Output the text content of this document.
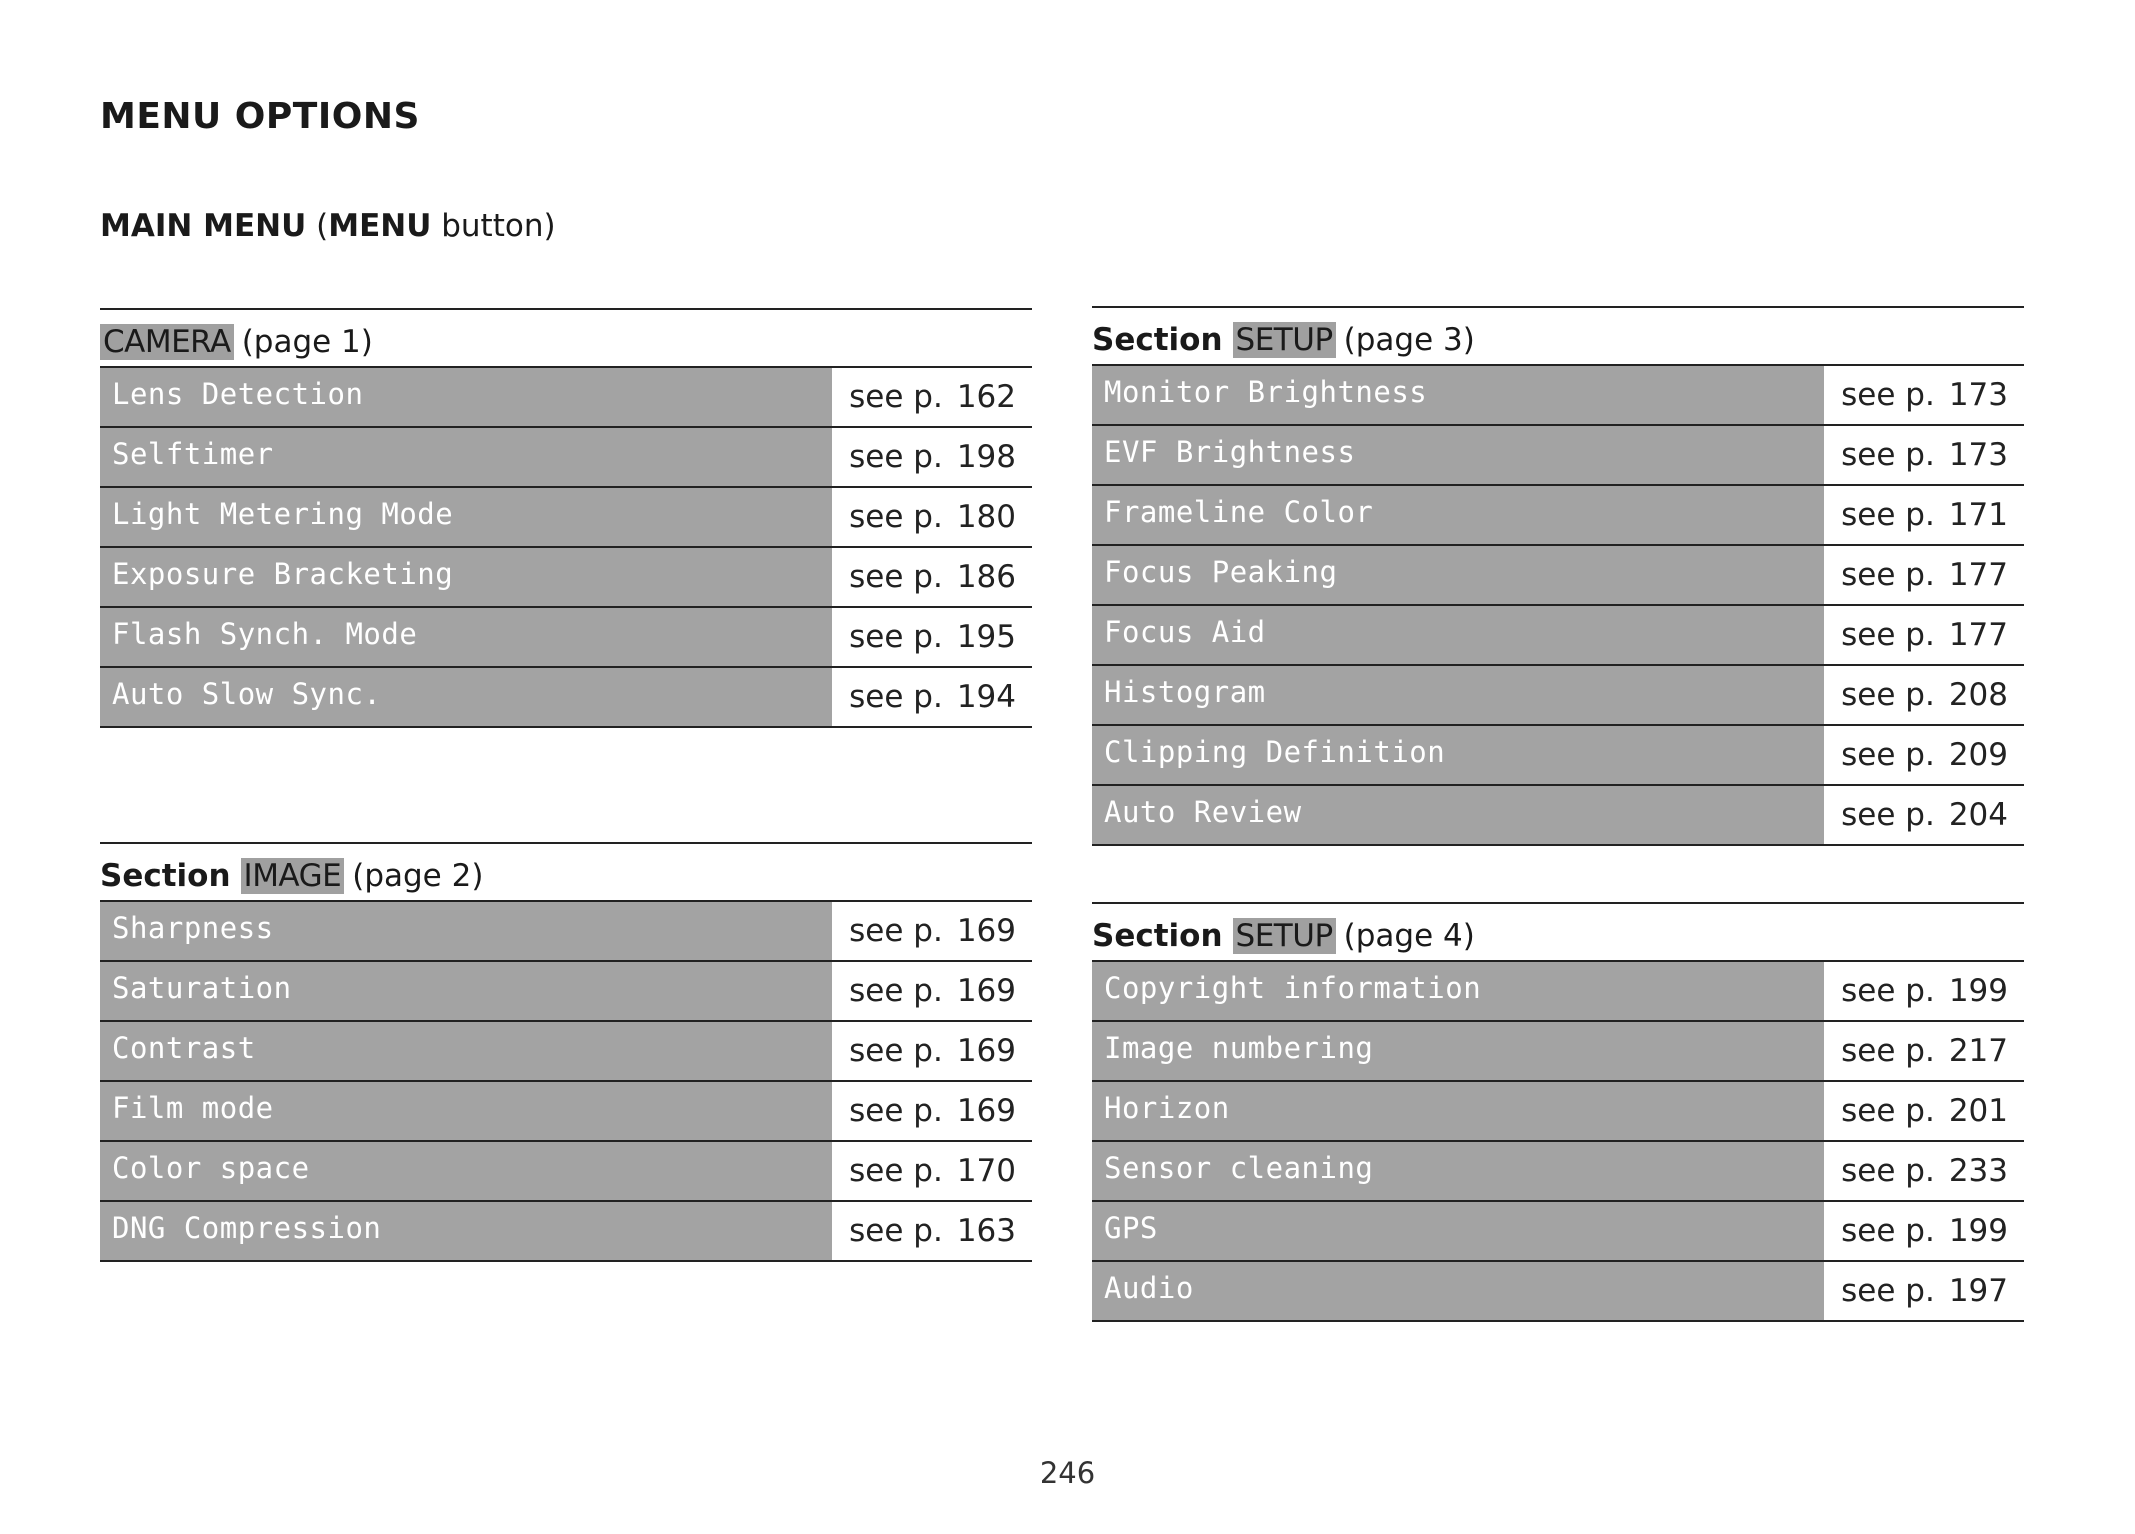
MENU OPTIONS
MAIN MENU (MENU button)
CAMERA (page 1)
Lens Detection	see p. 162
Selftimer	see p. 198
Light Metering Mode	see p. 180
Exposure Bracketing	see p. 186
Flash Synch. Mode	see p. 195
Auto Slow Sync.	see p. 194
Section IMAGE (page 2)
Sharpness	see p. 169
Saturation	see p. 169
Contrast	see p. 169
Film mode	see p. 169
Color space	see p. 170
DNG Compression	see p. 163
Section SETUP (page 3)
Monitor Brightness	see p. 173
EVF Brightness	see p. 173
Frameline Color	see p. 171
Focus Peaking	see p. 177
Focus Aid	see p. 177
Histogram	see p. 208
Clipping Definition	see p. 209
Auto Review	see p. 204
Section SETUP (page 4)
Copyright information	see p. 199
Image numbering	see p. 217
Horizon	see p. 201
Sensor cleaning	see p. 233
GPS	see p. 199
Audio	see p. 197
246
